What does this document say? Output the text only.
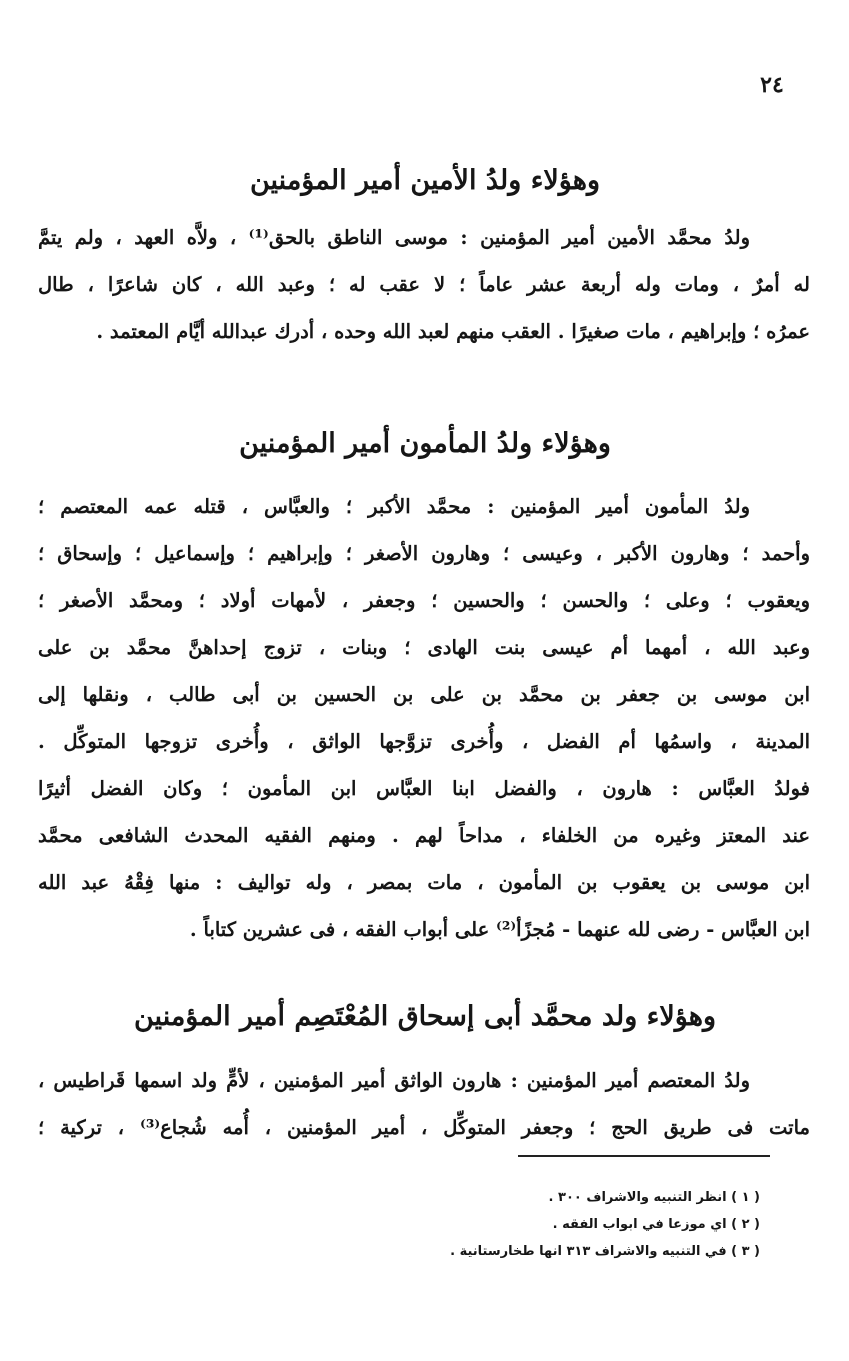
٢٤
وهؤلاء ولدُ الأمين أمير المؤمنين
ولدُ محمَّد الأمين أمير المؤمنين : موسى الناطق بالحق⁽¹⁾ ، ولاَّه العهد ، ولم يتمَّ
له أمرٌ ، ومات وله أربعة عشر عاماً ؛ لا عقب له ؛ وعبد الله ، كان شاعرًا ، طال
عمرُه ؛ وإبراهيم ، مات صغيرًا . العقب منهم لعبد الله وحده ، أدرك عبدالله أيَّام المعتمد .
وهؤلاء ولدُ المأمون أمير المؤمنين
ولدُ المأمون أمير المؤمنين : محمَّد الأكبر ؛ والعبَّاس ، قتله عمه المعتصم ؛
وأحمد ؛ وهارون الأكبر ، وعيسى ؛ وهارون الأصغر ؛ وإبراهيم ؛ وإسماعيل ؛ وإسحاق ؛
ويعقوب ؛ وعلى ؛ والحسن ؛ والحسين ؛ وجعفر ، لأمهات أولاد ؛ ومحمَّد الأصغر ؛
وعبد الله ، أمهما أم عيسى بنت الهادى ؛ وبنات ، تزوج إحداهنَّ محمَّد بن على
ابن موسى بن جعفر بن محمَّد بن على بن الحسين بن أبى طالب ، ونقلها إلى
المدينة ، واسمُها أم الفضل ، وأُخرى تزوَّجها الواثق ، وأُخرى تزوجها المتوكِّل .
فولدُ العبَّاس : هارون ، والفضل ابنا العبَّاس ابن المأمون ؛ وكان الفضل أثيرًا
عند المعتز وغيره من الخلفاء ، مداحاً لهم . ومنهم الفقيه المحدث الشافعى محمَّد
ابن موسى بن يعقوب بن المأمون ، مات بمصر ، وله تواليف : منها فِقْهُ عبد الله
ابن العبَّاس - رضى لله عنهما - مُجزًأ⁽²⁾ على أبواب الفقه ، فى عشرين كتاباً .
وهؤلاء ولد محمَّد أبى إسحاق المُعْتَصِم أمير المؤمنين
ولدُ المعتصم أمير المؤمنين : هارون الواثق أمير المؤمنين ، لأمٍّ ولد اسمها قَراطيس ،
ماتت فى طريق الحج ؛ وجعفر المتوكِّل ، أمير المؤمنين ، أُمه شُجاع⁽³⁾ ، تركية ؛
( ١ ) انظر التنبيه والاشراف ٣٠٠ .
( ٢ ) اي موزعا في ابواب الفقه .
( ٣ ) في التنبيه والاشراف ٣١٣ انها طخارستانية .
